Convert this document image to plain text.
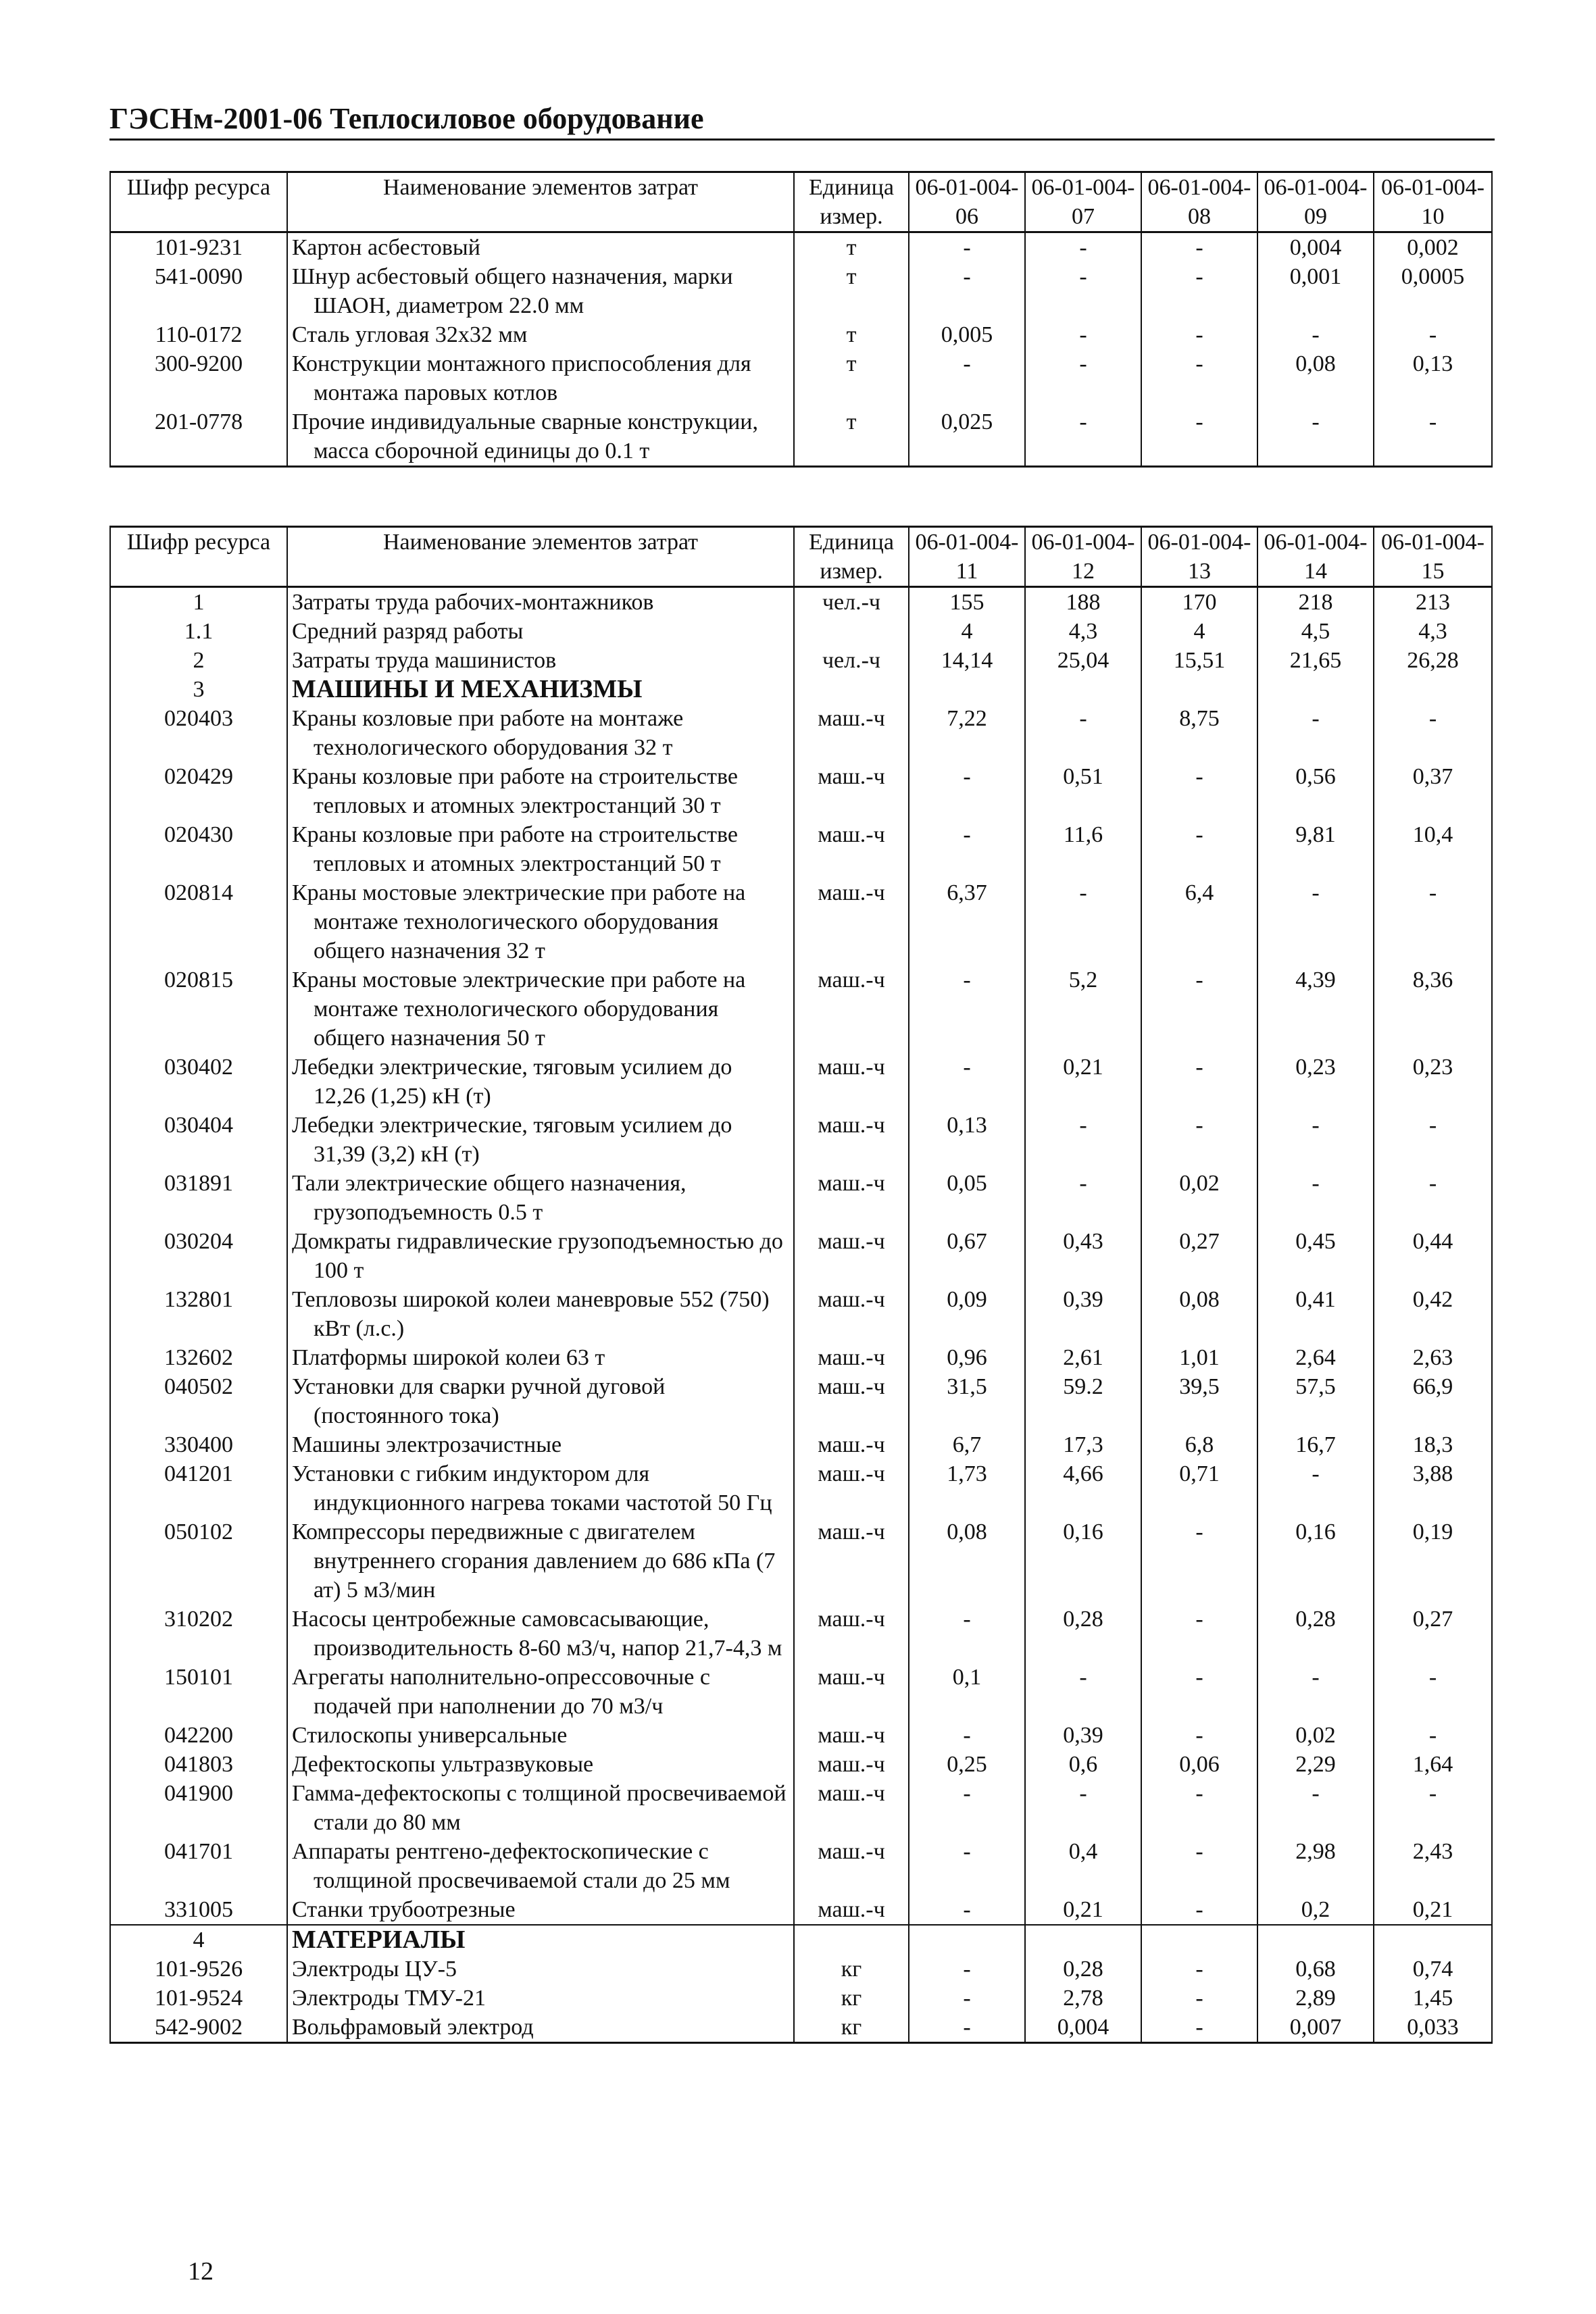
ГЭСНм-2001-06 Теплосиловое оборудование
Шифр ресурса	Наименование элементов затрат	Единица измер.	06-01-004-06	06-01-004-07	06-01-004-08	06-01-004-09	06-01-004-10
101-9231	Картон асбестовый	т	-	-	-	0,004	0,002
541-0090	Шнур асбестовый общего назначения, марки ШАОН, диаметром 22.0 мм	т	-	-	-	0,001	0,0005
110-0172	Сталь угловая 32x32 мм	т	0,005	-	-	-	-
300-9200	Конструкции монтажного приспособления для монтажа паровых котлов	т	-	-	-	0,08	0,13
201-0778	Прочие индивидуальные сварные конструкции, масса сборочной единицы до 0.1 т	т	0,025	-	-	-	-
Шифр ресурса	Наименование элементов затрат	Единица измер.	06-01-004-11	06-01-004-12	06-01-004-13	06-01-004-14	06-01-004-15
1	Затраты труда рабочих-монтажников	чел.-ч	155	188	170	218	213
1.1	Средний разряд работы		4	4,3	4	4,5	4,3
2	Затраты труда машинистов	чел.-ч	14,14	25,04	15,51	21,65	26,28
3	МАШИНЫ И МЕХАНИЗМЫ						

020403	Краны козловые при работе на монтаже технологического оборудования 32 т	маш.-ч	7,22	-	8,75	-	-
020429	Краны козловые при работе на строительстве тепловых и атомных электростанций 30 т	маш.-ч	-	0,51	-	0,56	0,37
020430	Краны козловые при работе на строительстве тепловых и атомных электростанций 50 т	маш.-ч	-	11,6	-	9,81	10,4
020814	Краны мостовые электрические при работе на монтаже технологического оборудования общего назначения 32 т	маш.-ч	6,37	-	6,4	-	-
020815	Краны мостовые электрические при работе на монтаже технологического оборудования общего назначения 50 т	маш.-ч	-	5,2	-	4,39	8,36
030402	Лебедки электрические, тяговым усилием до 12,26 (1,25) кН (т)	маш.-ч	-	0,21	-	0,23	0,23
030404	Лебедки электрические, тяговым усилием до 31,39 (3,2) кН (т)	маш.-ч	0,13	-	-	-	-
031891	Тали электрические общего назначения, грузоподъемность 0.5 т	маш.-ч	0,05	-	0,02	-	-
030204	Домкраты гидравлические грузоподъемностью до 100 т	маш.-ч	0,67	0,43	0,27	0,45	0,44
132801	Тепловозы широкой колеи маневровые 552 (750) кВт (л.с.)	маш.-ч	0,09	0,39	0,08	0,41	0,42
132602	Платформы широкой колеи 63 т	маш.-ч	0,96	2,61	1,01	2,64	2,63
040502	Установки для сварки ручной дуговой (постоянного тока)	маш.-ч	31,5	59.2	39,5	57,5	66,9
330400	Машины электрозачистные	маш.-ч	6,7	17,3	6,8	16,7	18,3
041201	Установки с гибким индуктором для индукционного нагрева токами частотой 50 Гц	маш.-ч	1,73	4,66	0,71	-	3,88
050102	Компрессоры передвижные с двигателем внутреннего сгорания давлением до 686 кПа (7 ат) 5 м3/мин	маш.-ч	0,08	0,16	-	0,16	0,19
310202	Насосы центробежные самовсасывающие, производительность 8-60 м3/ч, напор 21,7-4,3 м	маш.-ч	-	0,28	-	0,28	0,27
150101	Агрегаты наполнительно-опрессовочные с подачей при наполнении до 70 м3/ч	маш.-ч	0,1	-	-	-	-
042200	Стилоскопы универсальные	маш.-ч	-	0,39	-	0,02	-
041803	Дефектоскопы ультразвуковые	маш.-ч	0,25	0,6	0,06	2,29	1,64
041900	Гамма-дефектоскопы с толщиной просвечиваемой стали до 80 мм	маш.-ч	-	-	-	-	-
041701	Аппараты рентгено-дефектоскопические с толщиной просвечиваемой стали до 25 мм	маш.-ч	-	0,4	-	2,98	2,43
331005	Станки трубоотрезные	маш.-ч	-	0,21	-	0,2	0,21
4	МАТЕРИАЛЫ						

101-9526	Электроды ЦУ-5	кг	-	0,28	-	0,68	0,74
101-9524	Электроды ТМУ-21	кг	-	2,78	-	2,89	1,45
542-9002	Вольфрамовый электрод	кг	-	0,004	-	0,007	0,033
12
